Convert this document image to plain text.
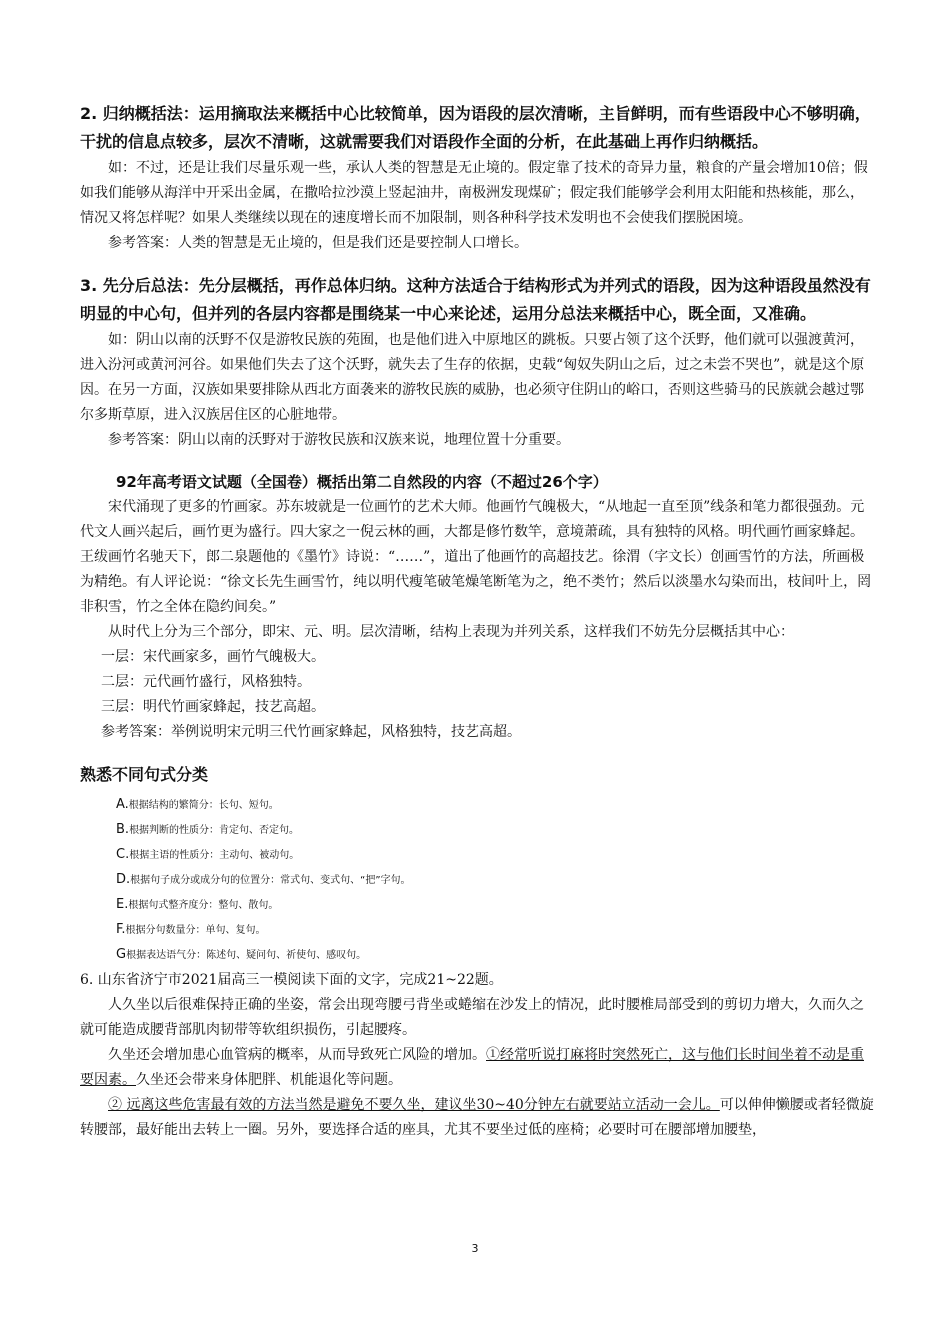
2. 归纳概括法：运用摘取法来概括中心比较简单，因为语段的层次清晰，主旨鲜明，而有些语段中心不够明确，干扰的信息点较多，层次不清晰，这就需要我们对语段作全面的分析，在此基础上再作归纳概括。

如：不过，还是让我们尽量乐观一些，承认人类的智慧是无止境的。假定靠了技术的奇异力量，粮食的产量会增加10倍；假如我们能够从海洋中开采出金属，在撒哈拉沙漠上竖起油井，南极洲发现煤矿；假定我们能够学会利用太阳能和热核能，那么，情况又将怎样呢？如果人类继续以现在的速度增长而不加限制，则各种科学技术发明也不会使我们摆脱困境。

参考答案：人类的智慧是无止境的，但是我们还是要控制人口增长。

3. 先分后总法：先分层概括，再作总体归纳。这种方法适合于结构形式为并列式的语段，因为这种语段虽然没有明显的中心句，但并列的各层内容都是围绕某一中心来论述，运用分总法来概括中心，既全面，又准确。

如：阴山以南的沃野不仅是游牧民族的苑囿，也是他们进入中原地区的跳板。只要占领了这个沃野，他们就可以强渡黄河，进入汾河或黄河河谷。如果他们失去了这个沃野，就失去了生存的依据，史载“匈奴失阴山之后，过之未尝不哭也”，就是这个原因。在另一方面，汉族如果要排除从西北方面袭来的游牧民族的威胁，也必须守住阴山的峪口，否则这些骑马的民族就会越过鄂尔多斯草原，进入汉族居住区的心脏地带。

参考答案：阴山以南的沃野对于游牧民族和汉族来说，地理位置十分重要。

92年高考语文试题（全国卷）概括出第二自然段的内容（不超过26个字）

宋代涌现了更多的竹画家。苏东坡就是一位画竹的艺术大师。他画竹气魄极大，“从地起一直至顶”线条和笔力都很强劲。元代文人画兴起后，画竹更为盛行。四大家之一倪云林的画，大都是修竹数竿，意境萧疏，具有独特的风格。明代画竹画家蜂起。王绂画竹名驰天下，郎二泉题他的《墨竹》诗说：“……”，道出了他画竹的高超技艺。徐渭（字文长）创画雪竹的方法，所画极为精绝。有人评论说：“徐文长先生画雪竹，纯以明代瘦笔破笔燥笔断笔为之，绝不类竹；然后以淡墨水勾染而出，枝间叶上，罔非积雪，竹之全体在隐约间矣。”

从时代上分为三个部分，即宋、元、明。层次清晰，结构上表现为并列关系，这样我们不妨先分层概括其中心：

一层：宋代画家多，画竹气魄极大。

二层：元代画竹盛行，风格独特。

三层：明代竹画家蜂起，技艺高超。

参考答案：举例说明宋元明三代竹画家蜂起，风格独特，技艺高超。

熟悉不同句式分类

A.根据结构的繁简分：长句、短句。
B.根据判断的性质分：肯定句、否定句。
C.根据主语的性质分：主动句、被动句。
D.根据句子成分或成分句的位置分：常式句、变式句、“把”字句。
E.根据句式整齐度分：整句、散句。
F.根据分句数量分：单句、复句。
G根据表达语气分：陈述句、疑问句、祈使句、感叹句。

6. 山东省济宁市2021届高三一模阅读下面的文字，完成21~22题。

人久坐以后很难保持正确的坐姿，常会出现弯腰弓背坐或蜷缩在沙发上的情况，此时腰椎局部受到的剪切力增大，久而久之就可能造成腰背部肌肉韧带等软组织损伤，引起腰疼。

久坐还会增加患心血管病的概率，从而导致死亡风险的增加。①经常听说打麻将时突然死亡，这与他们长时间坐着不动是重要因素。久坐还会带来身体肥胖、机能退化等问题。

② 远离这些危害最有效的方法当然是避免不要久坐，建议坐30~40分钟左右就要站立活动一会儿。可以伸伸懒腰或者轻微旋转腰部，最好能出去转上一圈。另外，要选择合适的座具，尤其不要坐过低的座椅；必要时可在腰部增加腰垫，

3
